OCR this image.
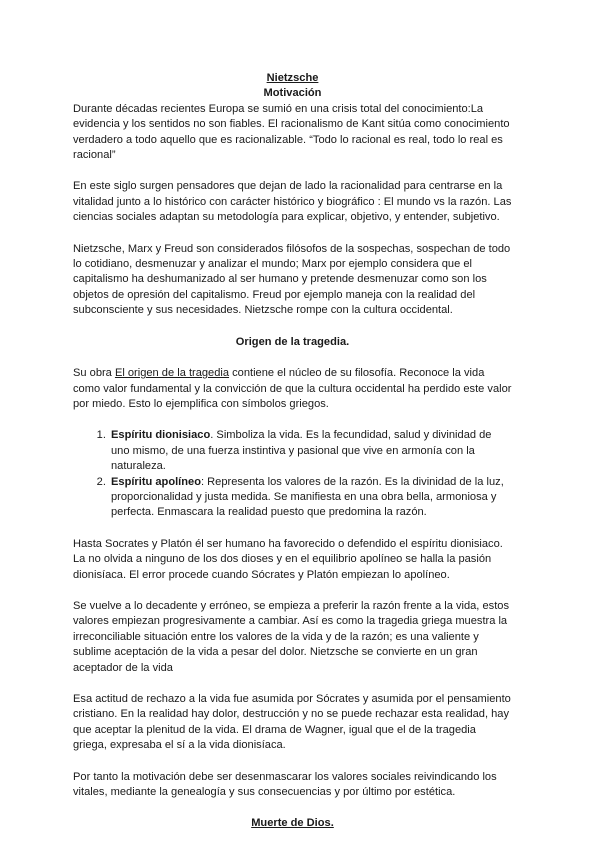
Nietzsche
Motivación

Durante décadas recientes Europa se sumió en una crisis total del conocimiento:La evidencia y los sentidos no son fiables. El racionalismo de Kant sitúa como conocimiento verdadero a todo aquello que es racionalizable. “Todo lo racional es real, todo lo real es racional”

En este siglo surgen pensadores que dejan de lado la racionalidad para centrarse en la vitalidad junto a lo histórico con carácter histórico y biográfico : El mundo vs la razón. Las ciencias sociales adaptan su metodología para explicar, objetivo, y entender, subjetivo.

Nietzsche, Marx y Freud son considerados filósofos de la sospechas, sospechan de todo lo cotidiano, desmenuzar y analizar el mundo; Marx por ejemplo considera que el capitalismo ha deshumanizado al ser humano y pretende desmenuzar como son los objetos de opresión del capitalismo. Freud por ejemplo maneja con la realidad del subconsciente y sus necesidades. Nietzsche rompe con la cultura occidental.

Origen de la tragedia.

Su obra El origen de la tragedia contiene el núcleo de su filosofía. Reconoce la vida como valor fundamental y la convicción de que la cultura occidental ha perdido este valor por miedo. Esto lo ejemplifica con símbolos griegos.

1. Espíritu dionisiaco. Simboliza la vida. Es la fecundidad, salud y divinidad de uno mismo, de una fuerza instintiva y pasional que vive en armonía con la naturaleza.
2. Espíritu apolíneo: Representa los valores de la razón. Es la divinidad de la luz, proporcionalidad y justa medida. Se manifiesta en una obra bella, armoniosa y perfecta. Enmascara la realidad puesto que predomina la razón.

Hasta Socrates y Platón él ser humano ha favorecido o defendido el espíritu dionisiaco. La no olvida a ninguno de los dos dioses y en el equilibrio apolíneo se halla la pasión dionisíaca. El error procede cuando Sócrates y Platón empiezan lo apolíneo.

Se vuelve a lo decadente y erróneo, se empieza a preferir la razón frente a la vida, estos valores empiezan progresivamente a cambiar. Así es como la tragedia griega muestra la irreconciliable situación entre los valores de la vida y de la razón; es una valiente y sublime aceptación de la vida a pesar del dolor. Nietzsche se convierte en un gran aceptador de la vida

Esa actitud de rechazo a la vida fue asumida por Sócrates y asumida por el pensamiento cristiano. En la realidad hay dolor, destrucción y no se puede rechazar esta realidad, hay que aceptar la plenitud de la vida. El drama de Wagner, igual que el de la tragedia griega, expresaba el sí a la vida dionisíaca.

Por tanto la motivación debe ser desenmascarar los valores sociales reivindicando los vitales, mediante la genealogía y sus consecuencias y por último por estética.

Muerte de Dios.
